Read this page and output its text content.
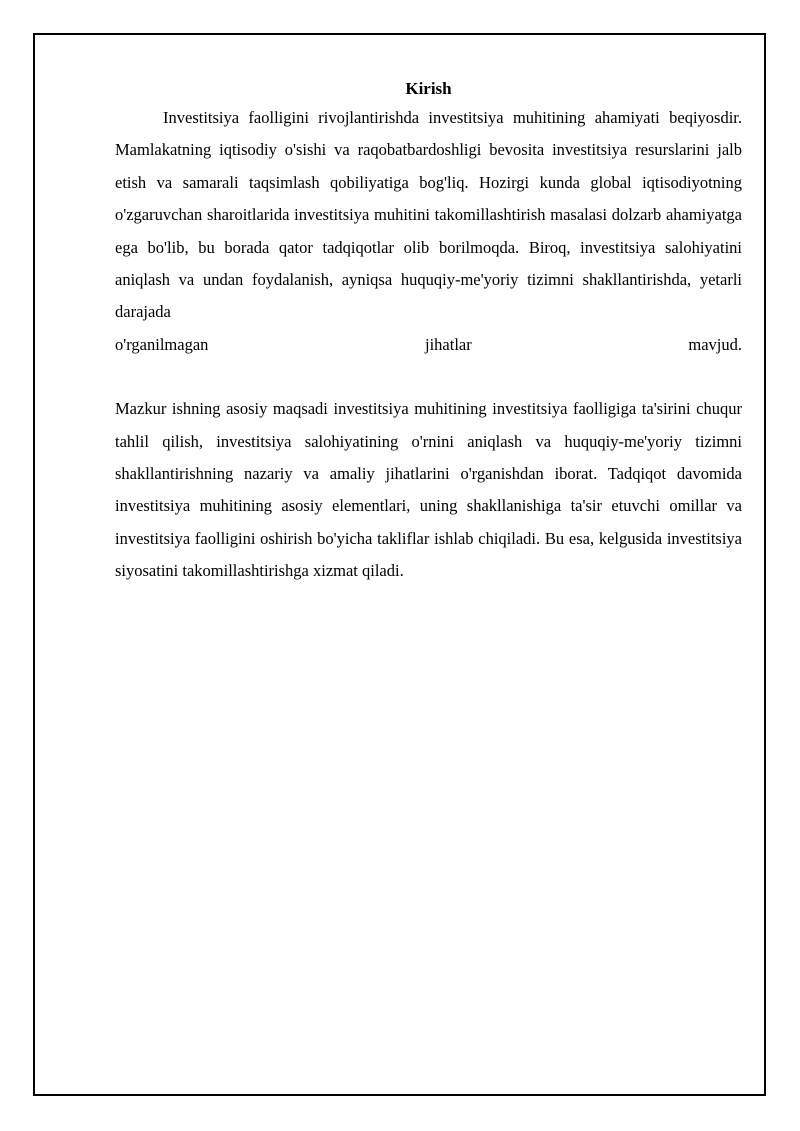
Kirish

Investitsiya faolligini rivojlantirishda investitsiya muhitining ahamiyati beqiyosdir. Mamlakatning iqtisodiy o'sishi va raqobatbardoshligi bevosita investitsiya resurslarini jalb etish va samarali taqsimlash qobiliyatiga bog'liq. Hozirgi kunda global iqtisodiyotning o'zgaruvchan sharoitlarida investitsiya muhitini takomillashtirish masalasi dolzarb ahamiyatga ega bo'lib, bu borada qator tadqiqotlar olib borilmoqda. Biroq, investitsiya salohiyatini aniqlash va undan foydalanish, ayniqsa huquqiy-me'yoriy tizimni shakllantirishda, yetarli darajada

o'rganilmagan jihatlar mavjud.

Mazkur ishning asosiy maqsadi investitsiya muhitining investitsiya faolligiga ta'sirini chuqur tahlil qilish, investitsiya salohiyatining o'rnini aniqlash va huquqiy-me'yoriy tizimni shakllantirishning nazariy va amaliy jihatlarini o'rganishdan iborat. Tadqiqot davomida investitsiya muhitining asosiy elementlari, uning shakllanishiga ta'sir etuvchi omillar va investitsiya faolligini oshirish bo'yicha takliflar ishlab chiqiladi. Bu esa, kelgusida investitsiya siyosatini takomillashtirishga xizmat qiladi.
